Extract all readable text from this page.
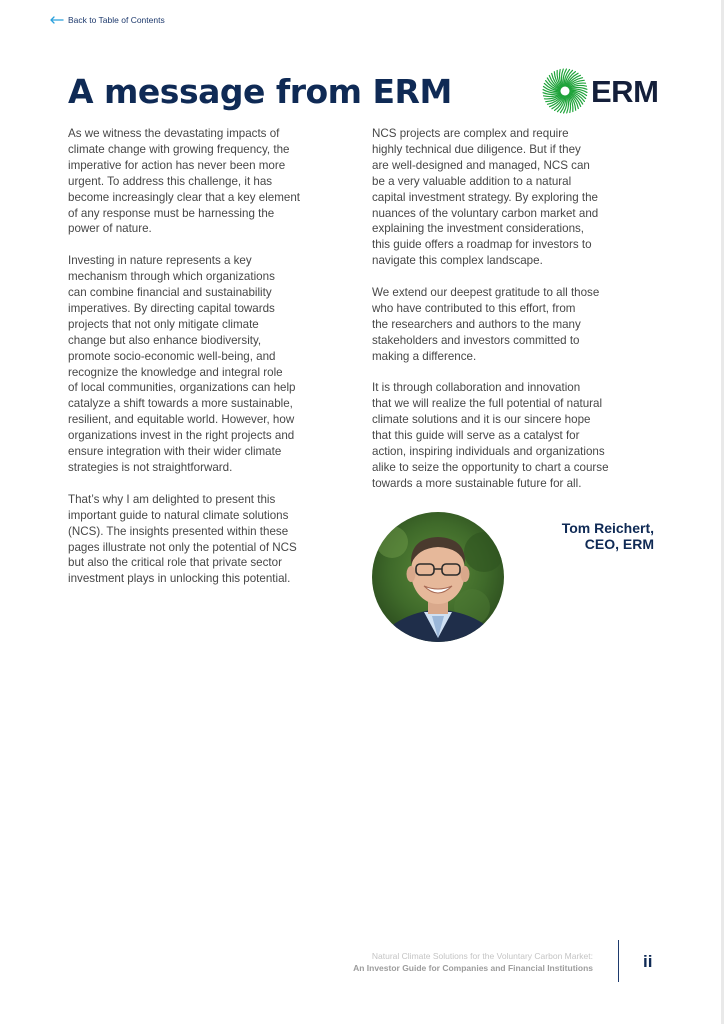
Back to Table of Contents
A message from ERM	ERM

As we witness the devastating impacts of
climate change with growing frequency, the
imperative for action has never been more
urgent. To address this challenge, it has
become increasingly clear that a key element
of any response must be harnessing the
power of nature.

Investing in nature represents a key
mechanism through which organizations
can combine financial and sustainability
imperatives. By directing capital towards
projects that not only mitigate climate
change but also enhance biodiversity,
promote socio-economic well-being, and
recognize the knowledge and integral role
of local communities, organizations can help
catalyze a shift towards a more sustainable,
resilient, and equitable world. However, how
organizations invest in the right projects and
ensure integration with their wider climate
strategies is not straightforward.

That’s why I am delighted to present this
important guide to natural climate solutions
(NCS). The insights presented within these
pages illustrate not only the potential of NCS
but also the critical role that private sector
investment plays in unlocking this potential.

NCS projects are complex and require
highly technical due diligence. But if they
are well-designed and managed, NCS can
be a very valuable addition to a natural
capital investment strategy. By exploring the
nuances of the voluntary carbon market and
explaining the investment considerations,
this guide offers a roadmap for investors to
navigate this complex landscape.

We extend our deepest gratitude to all those
who have contributed to this effort, from
the researchers and authors to the many
stakeholders and investors committed to
making a difference.

It is through collaboration and innovation
that we will realize the full potential of natural
climate solutions and it is our sincere hope
that this guide will serve as a catalyst for
action, inspiring individuals and organizations
alike to seize the opportunity to chart a course
towards a more sustainable future for all.

Tom Reichert,
CEO, ERM
Natural Climate Solutions for the Voluntary Carbon Market:
An Investor Guide for Companies and Financial Institutions	ii
